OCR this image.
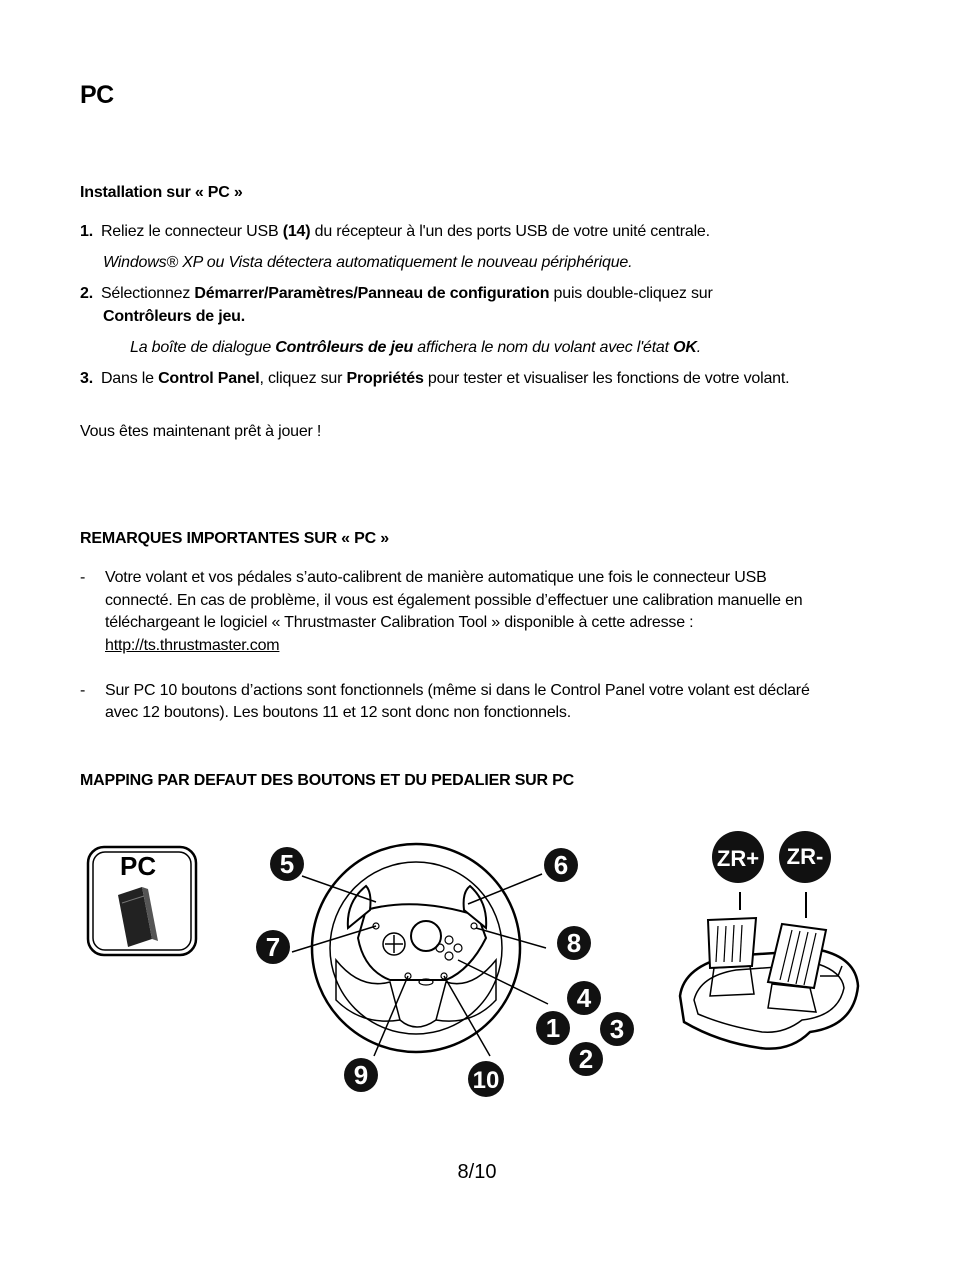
PC
Installation sur « PC »
1. Reliez le connecteur USB (14) du récepteur à l'un des ports USB de votre unité centrale.
Windows® XP ou Vista détectera automatiquement le nouveau périphérique.
2. Sélectionnez Démarrer/Paramètres/Panneau de configuration puis double-cliquez sur
Contrôleurs de jeu.
La boîte de dialogue Contrôleurs de jeu affichera le nom du volant avec l'état OK.
3. Dans le Control Panel, cliquez sur Propriétés pour tester et visualiser les fonctions de votre volant.
Vous êtes maintenant prêt à jouer !
REMARQUES IMPORTANTES SUR « PC »
- Votre volant et vos pédales s’auto-calibrent de manière automatique une fois le connecteur USB
connecté. En cas de problème, il vous est également possible d’effectuer une calibration manuelle en
téléchargeant le logiciel « Thrustmaster Calibration Tool » disponible à cette adresse :
http://ts.thrustmaster.com
- Sur PC 10 boutons d’actions sont fonctionnels (même si dans le Control Panel votre volant est déclaré
avec 12 boutons). Les boutons 11 et 12 sont donc non fonctionnels.
MAPPING PAR DEFAUT DES BOUTONS ET DU PEDALIER SUR PC
PC	5	6
7	8
4
1 3
2
9	10
ZR+ ZR-
8/10
